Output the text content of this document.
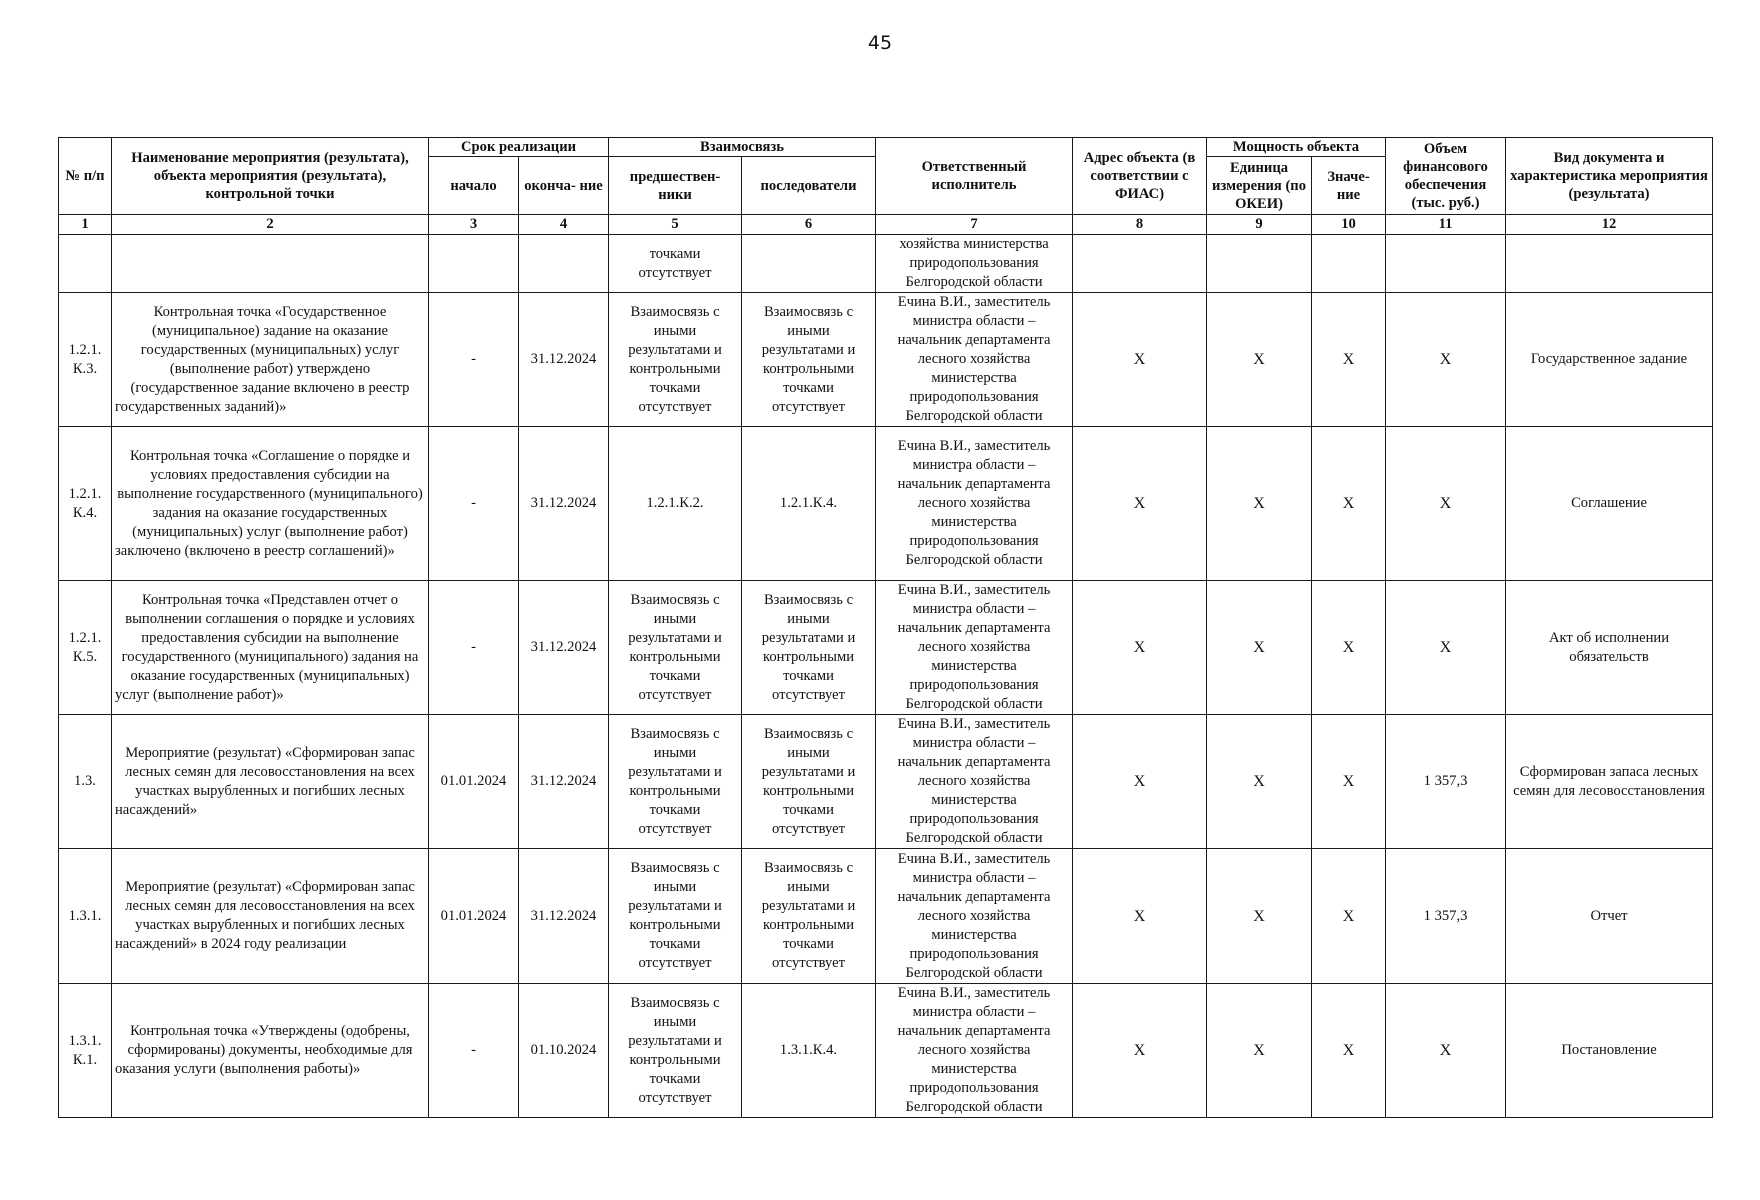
45
№ п/п	Наименование мероприятия (результата), объекта мероприятия (результата), контрольной точки	Срок реализации		Взаимосвязь		Ответственный исполнитель	Адрес объекта (в соответствии с ФИАС)	Мощность объекта		Объем финансового обеспечения (тыс. руб.)	Вид документа и характеристика мероприятия (результата)
		начало	оконча- ние	предшествен- ники	последователи			Единица измерения (по ОКЕИ)	Значе- ние		
1	2	3	4	5	6	7	8	9	10	11	12
				точками отсутствует		хозяйства министерства природопользования Белгородской области					
1.2.1. К.3.	Контрольная точка «Государственное (муниципальное) задание на оказание государственных (муниципальных) услуг (выполнение работ) утверждено (государственное задание включено в реестр государственных заданий)»	-	31.12.2024	Взаимосвязь с иными результатами и контрольными точками отсутствует	Взаимосвязь с иными результатами и контрольными точками отсутствует	Ечина В.И., заместитель министра области – начальник департамента лесного хозяйства министерства природопользования Белгородской области	X	X	X	X	Государственное задание
1.2.1. К.4.	Контрольная точка «Соглашение о порядке и условиях предоставления субсидии на выполнение государственного (муниципального) задания на оказание государственных (муниципальных) услуг (выполнение работ) заключено (включено в реестр соглашений)»	-	31.12.2024	1.2.1.К.2.	1.2.1.К.4.	Ечина В.И., заместитель министра области – начальник департамента лесного хозяйства министерства природопользования Белгородской области	X	X	X	X	Соглашение
1.2.1. К.5.	Контрольная точка «Представлен отчет о выполнении соглашения о порядке и условиях предоставления субсидии на выполнение государственного (муниципального) задания на оказание государственных (муниципальных) услуг (выполнение работ)»	-	31.12.2024	Взаимосвязь с иными результатами и контрольными точками отсутствует	Взаимосвязь с иными результатами и контрольными точками отсутствует	Ечина В.И., заместитель министра области – начальник департамента лесного хозяйства министерства природопользования Белгородской области	X	X	X	X	Акт об исполнении обязательств
1.3.	Мероприятие (результат) «Сформирован запас лесных семян для лесовосстановления на всех участках вырубленных и погибших лесных насаждений»	01.01.2024	31.12.2024	Взаимосвязь с иными результатами и контрольными точками отсутствует	Взаимосвязь с иными результатами и контрольными точками отсутствует	Ечина В.И., заместитель министра области – начальник департамента лесного хозяйства министерства природопользования Белгородской области	X	X	X	1 357,3	Сформирован запаса лесных семян для лесовосстановления
1.3.1.	Мероприятие (результат) «Сформирован запас лесных семян для лесовосстановления на всех участках вырубленных и погибших лесных насаждений» в 2024 году реализации	01.01.2024	31.12.2024	Взаимосвязь с иными результатами и контрольными точками отсутствует	Взаимосвязь с иными результатами и контрольными точками отсутствует	Ечина В.И., заместитель министра области – начальник департамента лесного хозяйства министерства природопользования Белгородской области	X	X	X	1 357,3	Отчет
1.3.1. К.1.	Контрольная точка «Утверждены (одобрены, сформированы) документы, необходимые для оказания услуги (выполнения работы)»	-	01.10.2024	Взаимосвязь с иными результатами и контрольными точками отсутствует	1.3.1.К.4.	Ечина В.И., заместитель министра области – начальник департамента лесного хозяйства министерства природопользования Белгородской области	X	X	X	X	Постановление
